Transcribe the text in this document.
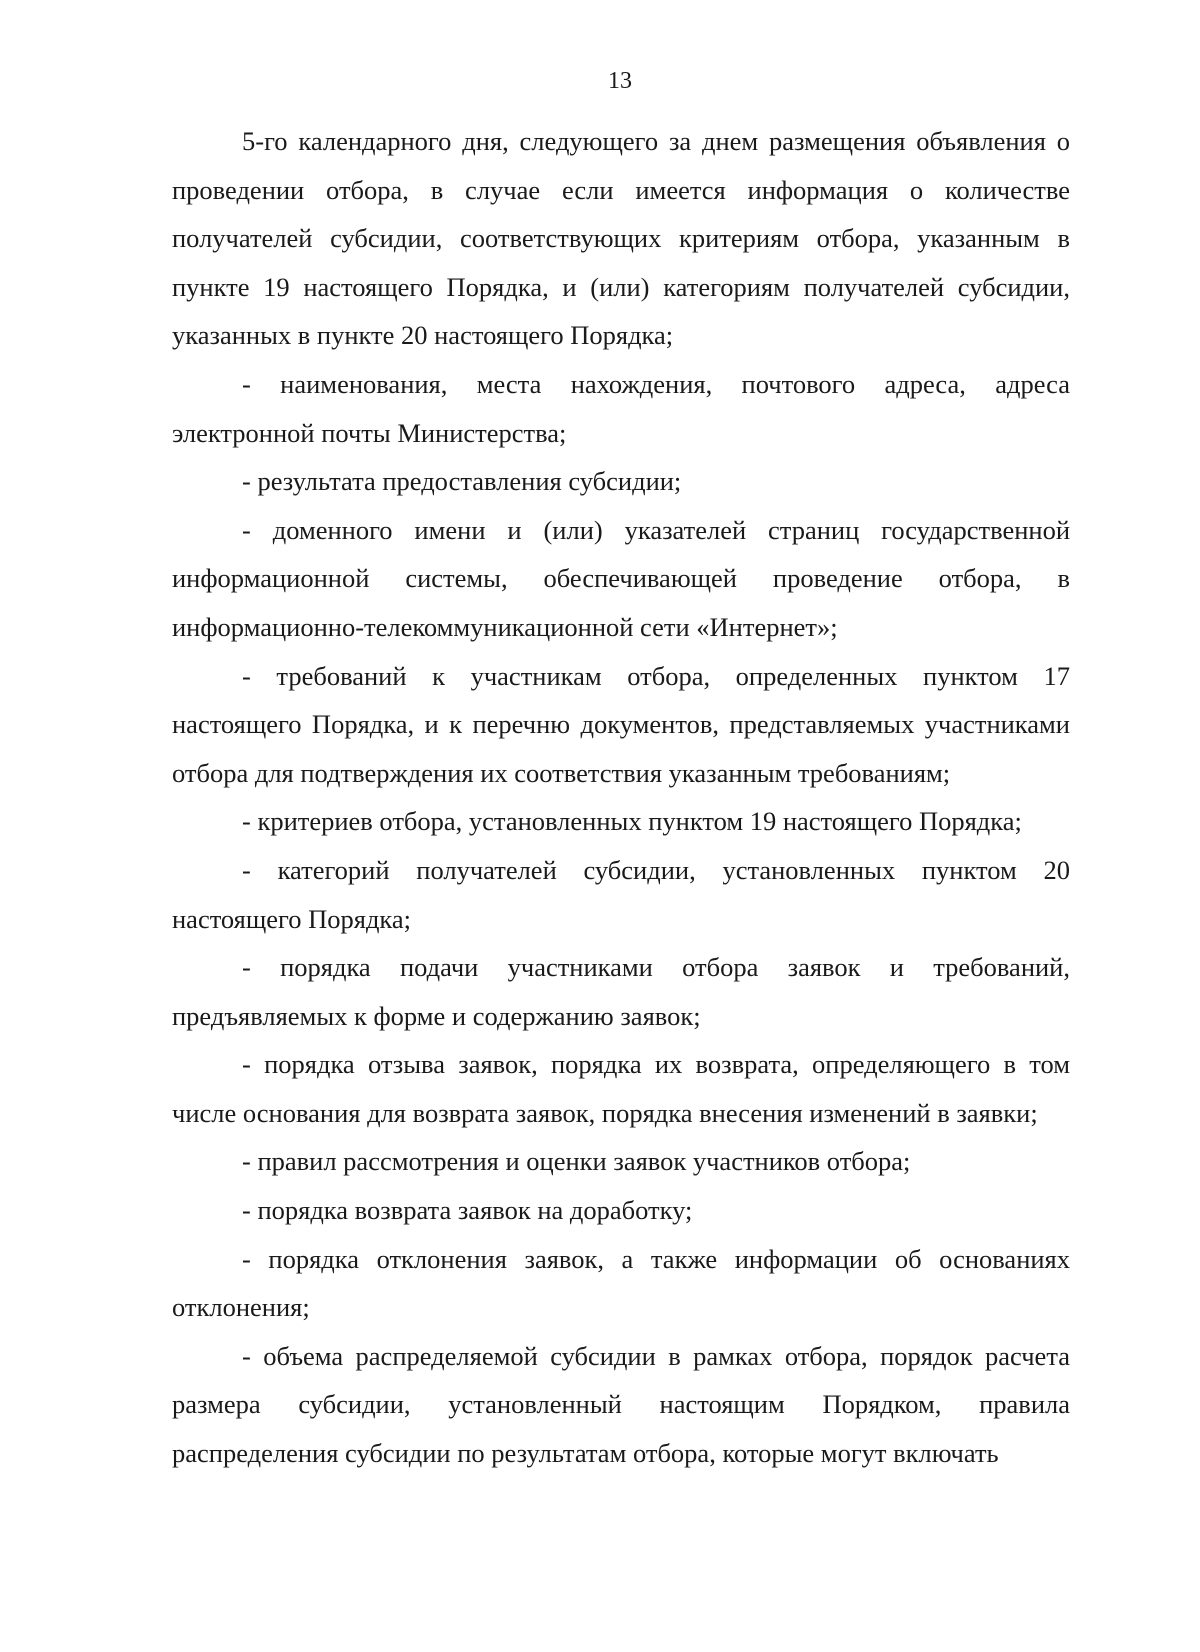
13

5-го календарного дня, следующего за днем размещения объявления о проведении отбора, в случае если имеется информация о количестве получателей субсидии, соответствующих критериям отбора, указанным в пункте 19 настоящего Порядка, и (или) категориям получателей субсидии, указанных в пункте 20 настоящего Порядка;

- наименования, места нахождения, почтового адреса, адреса электронной почты Министерства;

- результата предоставления субсидии;

- доменного имени и (или) указателей страниц государственной информационной системы, обеспечивающей проведение отбора, в информационно-телекоммуникационной сети «Интернет»;

- требований к участникам отбора, определенных пунктом 17 настоящего Порядка, и к перечню документов, представляемых участниками отбора для подтверждения их соответствия указанным требованиям;

- критериев отбора, установленных пунктом 19 настоящего Порядка;

- категорий получателей субсидии, установленных пунктом 20 настоящего Порядка;

- порядка подачи участниками отбора заявок и требований, предъявляемых к форме и содержанию заявок;

- порядка отзыва заявок, порядка их возврата, определяющего в том числе основания для возврата заявок, порядка внесения изменений в заявки;

- правил рассмотрения и оценки заявок участников отбора;

- порядка возврата заявок на доработку;

- порядка отклонения заявок, а также информации об основаниях отклонения;

- объема распределяемой субсидии в рамках отбора, порядок расчета размера субсидии, установленный настоящим Порядком, правила распределения субсидии по результатам отбора, которые могут включать
